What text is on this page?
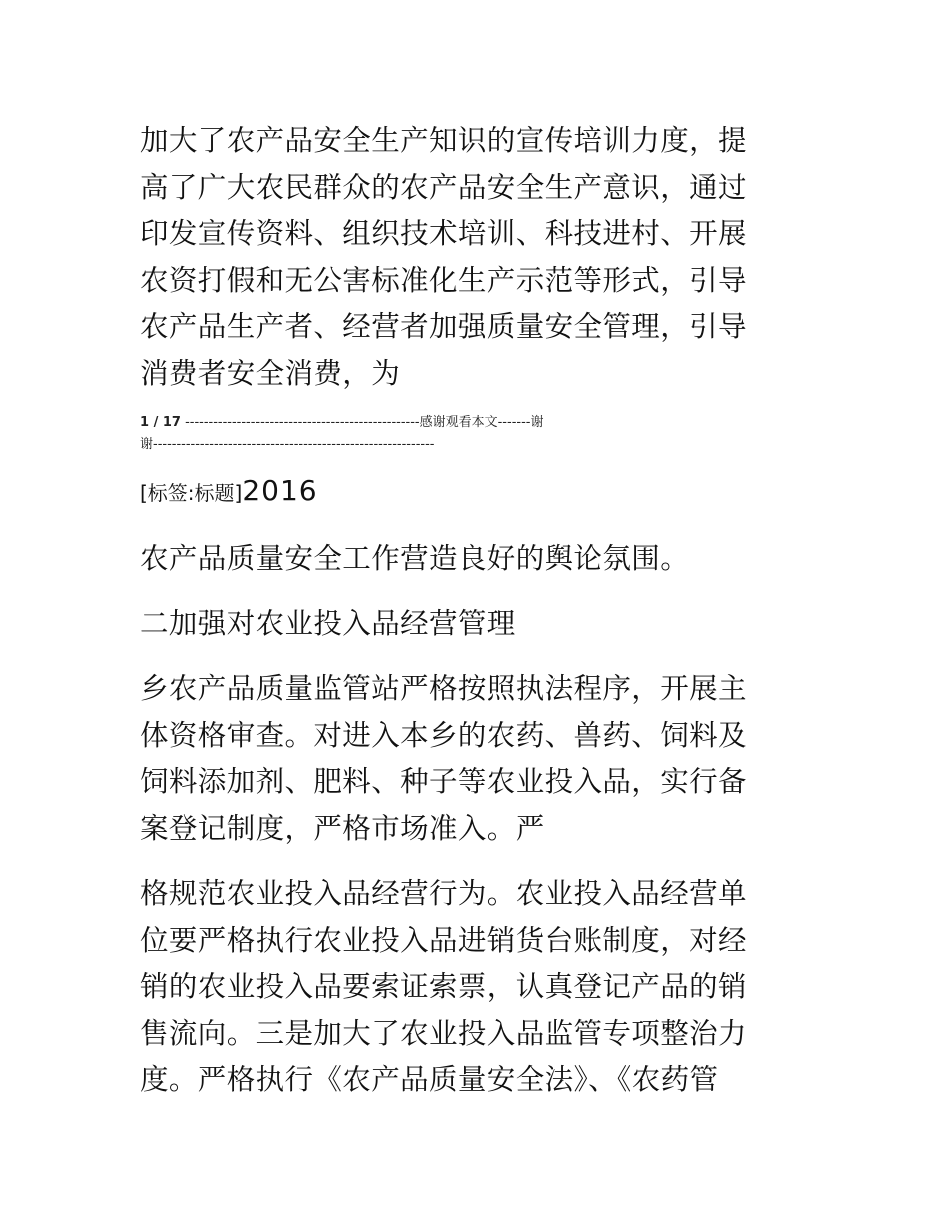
加大了农产品安全生产知识的宣传培训力度，提
高了广大农民群众的农产品安全生产意识，通过
印发宣传资料、组织技术培训、科技进村、开展
农资打假和无公害标准化生产示范等形式，引导
农产品生产者、经营者加强质量安全管理，引导
消费者安全消费，为
1 / 17 --------------------------------------------------感谢观看本文-------谢
谢------------------------------------------------------------
[标签:标题]2016
农产品质量安全工作营造良好的舆论氛围。
二加强对农业投入品经营管理
乡农产品质量监管站严格按照执法程序，开展主
体资格审查。对进入本乡的农药、兽药、饲料及
饲料添加剂、肥料、种子等农业投入品，实行备
案登记制度，严格市场准入。严
格规范农业投入品经营行为。农业投入品经营单
位要严格执行农业投入品进销货台账制度，对经
销的农业投入品要索证索票，认真登记产品的销
售流向。三是加大了农业投入品监管专项整治力
度。严格执行《农产品质量安全法》、《农药管
